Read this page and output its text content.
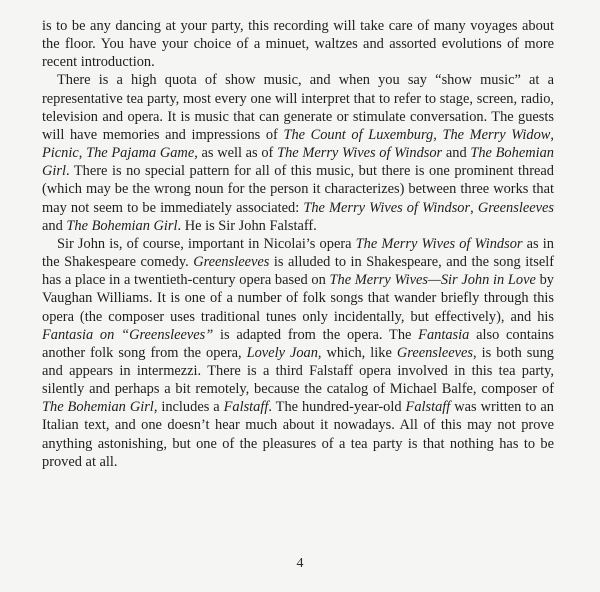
is to be any dancing at your party, this recording will take care of many voyages about the floor. You have your choice of a minuet, waltzes and assorted evolutions of more recent introduction.

There is a high quota of show music, and when you say “show music” at a representative tea party, most every one will interpret that to refer to stage, screen, radio, television and opera. It is music that can generate or stimulate conversation. The guests will have memories and impressions of The Count of Luxemburg, The Merry Widow, Picnic, The Pajama Game, as well as of The Merry Wives of Windsor and The Bohemian Girl. There is no special pattern for all of this music, but there is one prominent thread (which may be the wrong noun for the person it characterizes) between three works that may not seem to be immediately associated: The Merry Wives of Windsor, Greensleeves and The Bohemian Girl. He is Sir John Falstaff.

Sir John is, of course, important in Nicolai’s opera The Merry Wives of Windsor as in the Shakespeare comedy. Greensleeves is alluded to in Shakespeare, and the song itself has a place in a twentieth-century opera based on The Merry Wives—Sir John in Love by Vaughan Williams. It is one of a number of folk songs that wander briefly through this opera (the composer uses traditional tunes only incidentally, but effectively), and his Fantasia on “Greensleeves” is adapted from the opera. The Fantasia also contains another folk song from the opera, Lovely Joan, which, like Greensleeves, is both sung and appears in intermezzi. There is a third Falstaff opera involved in this tea party, silently and perhaps a bit remotely, because the catalog of Michael Balfe, composer of The Bohemian Girl, includes a Falstaff. The hundred-year-old Falstaff was written to an Italian text, and one doesn’t hear much about it nowadays. All of this may not prove anything astonishing, but one of the pleasures of a tea party is that nothing has to be proved at all.

4
